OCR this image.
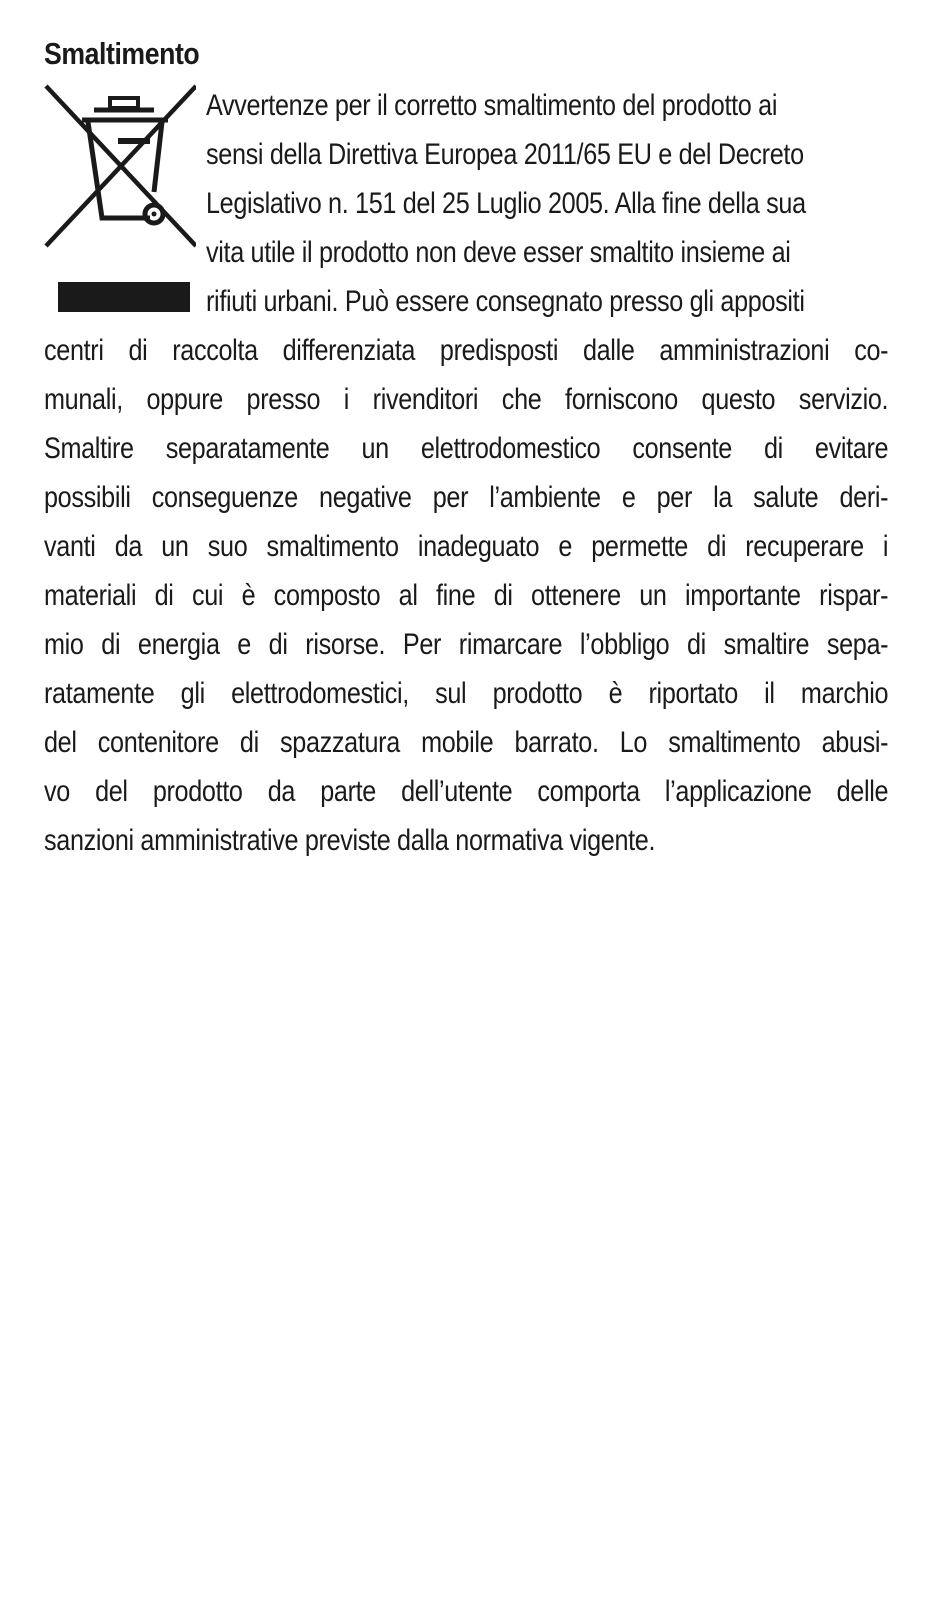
Smaltimento
Avvertenze per il corretto smaltimento del prodotto ai
sensi della Direttiva Europea 2011/65 EU e del Decreto
Legislativo n. 151 del 25 Luglio 2005. Alla fine della sua
vita utile il prodotto non deve esser smaltito insieme ai
rifiuti urbani. Può essere consegnato presso gli appositi
centri di raccolta differenziata predisposti dalle amministrazioni co-
munali, oppure presso i rivenditori che forniscono questo servizio.
Smaltire separatamente un elettrodomestico consente di evitare
possibili conseguenze negative per l’ambiente e per la salute deri-
vanti da un suo smaltimento inadeguato e permette di recuperare i
materiali di cui è composto al fine di ottenere un importante rispar-
mio di energia e di risorse. Per rimarcare l’obbligo di smaltire sepa-
ratamente gli elettrodomestici, sul prodotto è riportato il marchio
del contenitore di spazzatura mobile barrato. Lo smaltimento abusi-
vo del prodotto da parte dell’utente comporta l’applicazione delle
sanzioni amministrative previste dalla normativa vigente.
